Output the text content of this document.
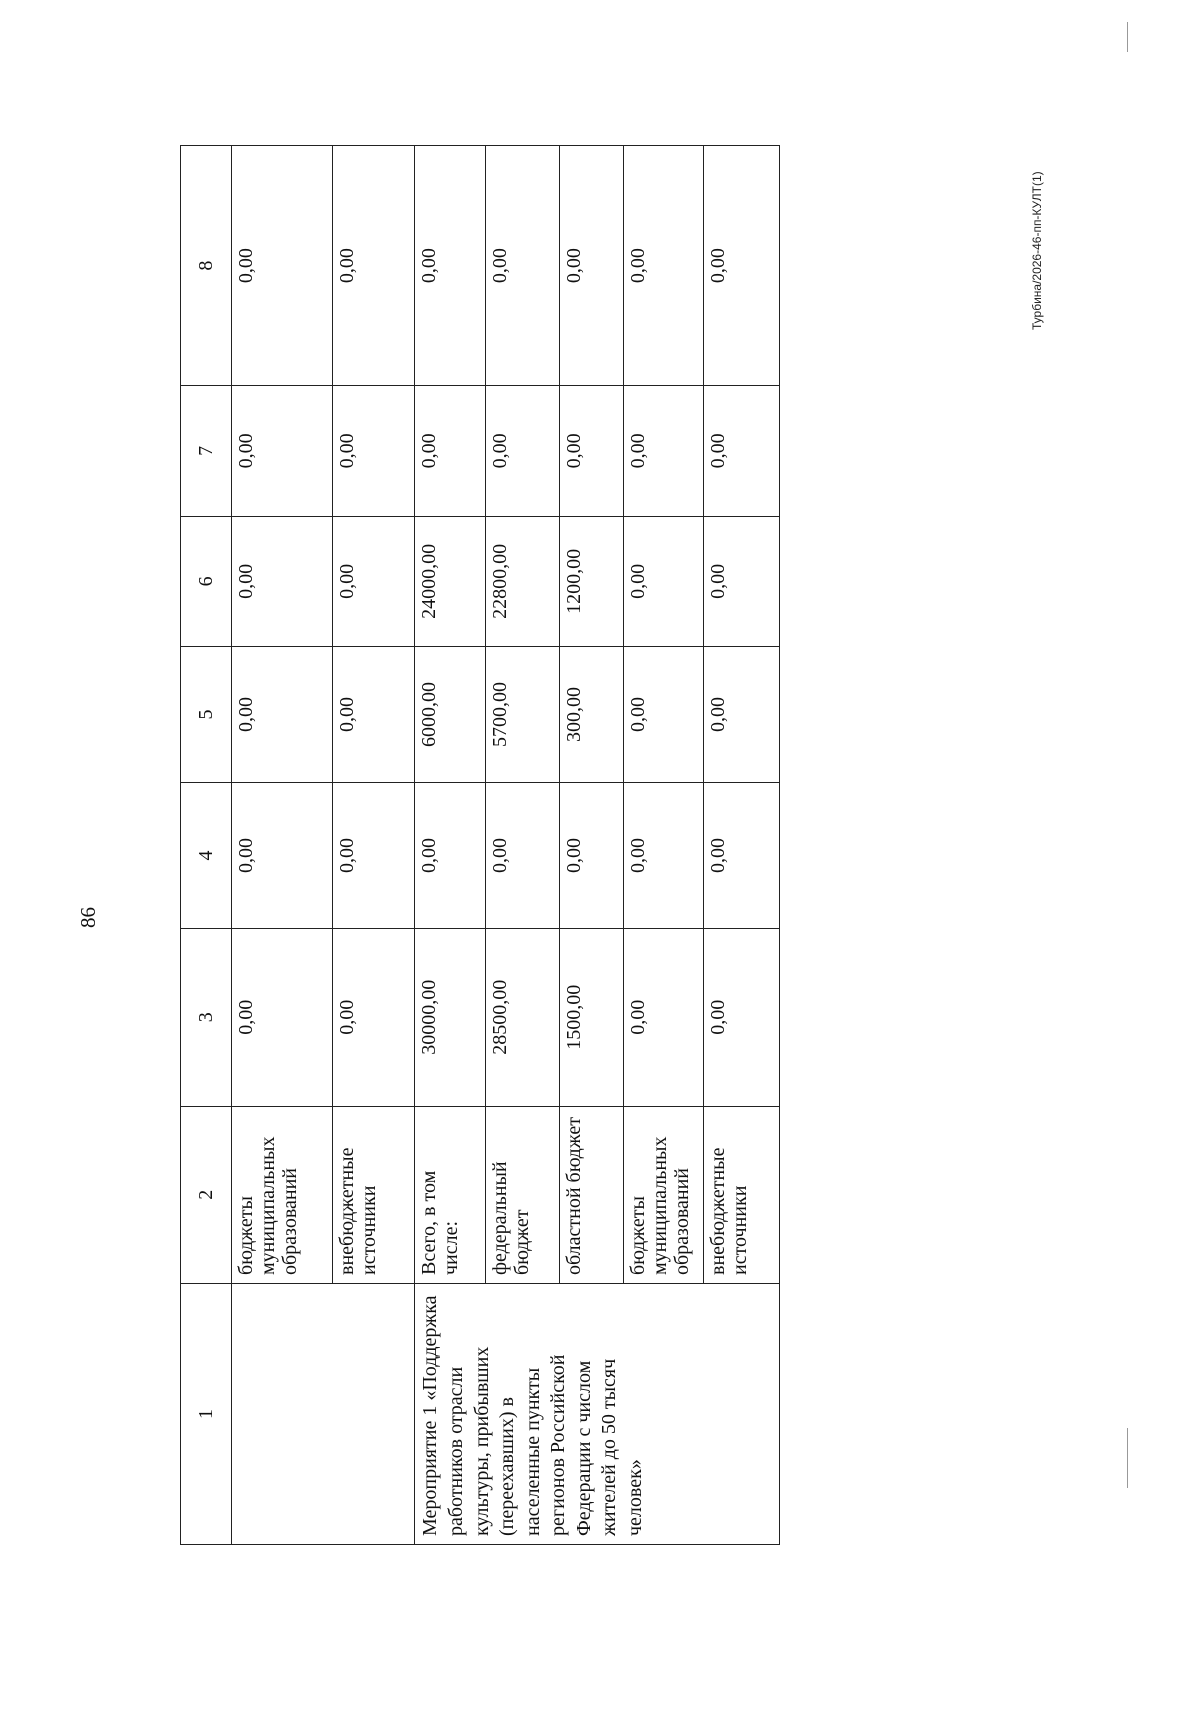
86
1	2	3	4	5	6	7	8
	бюджеты муниципальных образований	0,00	0,00	0,00	0,00	0,00	0,00
	внебюджетные источники	0,00	0,00	0,00	0,00	0,00	0,00
Мероприятие 1 «Поддержка работников отрасли культуры, прибывших (переехавших) в населенные пункты регионов Российской Федерации с числом жителей до 50 тысяч человек»	Всего, в том числе:	30000,00	0,00	6000,00	24000,00	0,00	0,00
	федеральный бюджет	28500,00	0,00	5700,00	22800,00	0,00	0,00
	областной бюджет	1500,00	0,00	300,00	1200,00	0,00	0,00
	бюджеты муниципальных образований	0,00	0,00	0,00	0,00	0,00	0,00
	внебюджетные источники	0,00	0,00	0,00	0,00	0,00	0,00	Турбина/2026-46-пп-КУЛТ(1)
